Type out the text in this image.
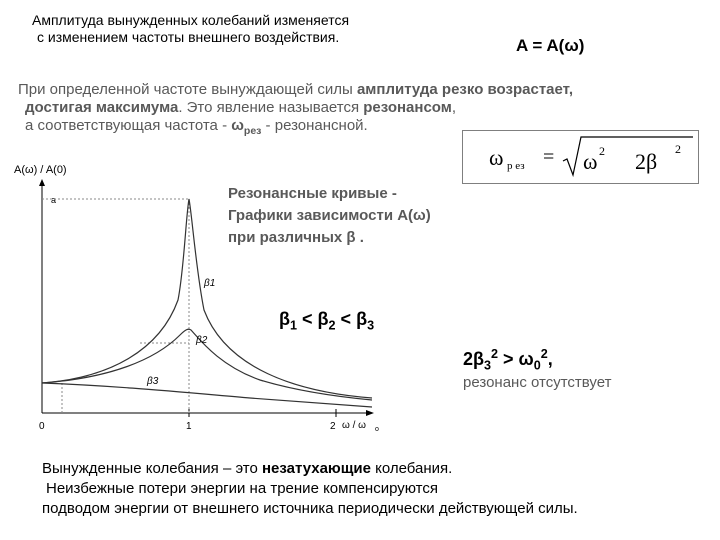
Амплитуда вынужденных колебаний изменяется
с изменением частоты внешнего воздействия.	A = A(ω)
При определенной частоте вынуждающей силы амплитуда резко возрастает,
достигая максимума. Это явление называется резонансом,
а соответствующая частота - $\omega_{рез}$ - резонансной.
ω р ез = ω 2 2β 2
A(ω) / A(0)
0	1	2 ω / ω o
a
β1
β2
β3
Резонансные кривые -
Графики зависимости A(ω)
при различных β .
$\beta_1 < \beta_2 < \beta_3$
$2\beta_3^2 > \omega_0^2$,
резонанс отсутствует
Вынужденные колебания – это незатухающие колебания.
Неизбежные потери энергии на трение компенсируются
подводом энергии от внешнего источника периодически действующей силы.
